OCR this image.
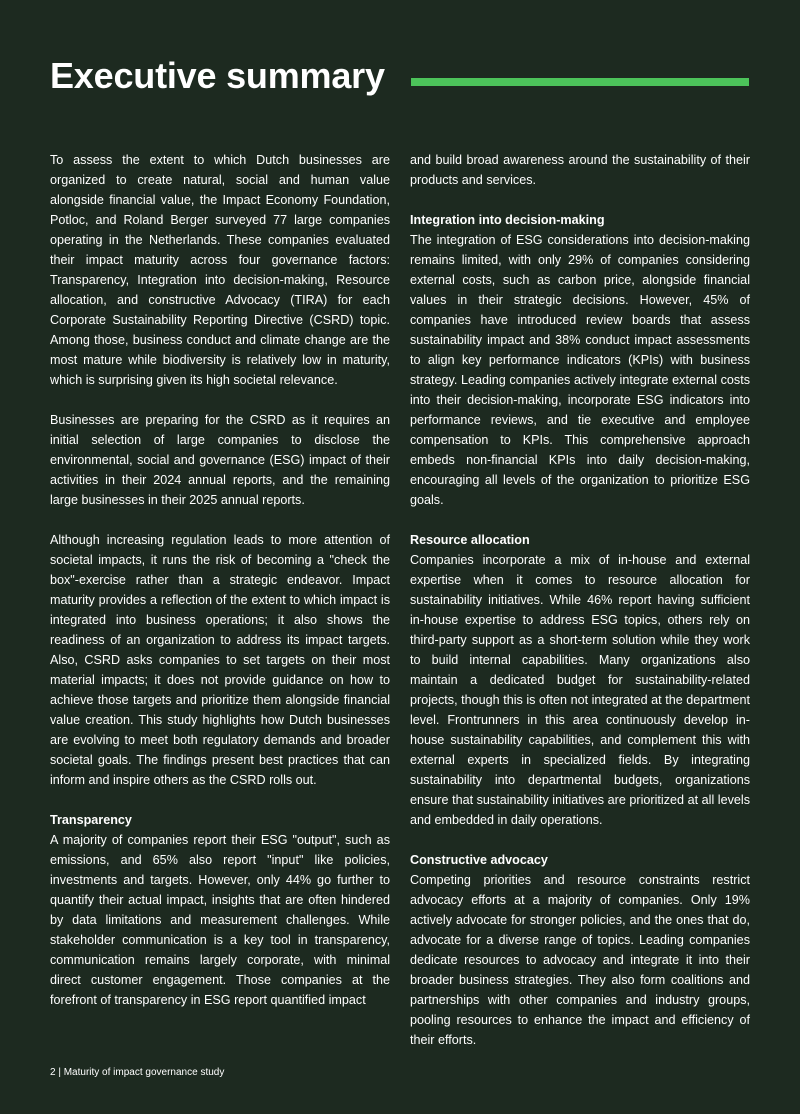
Executive summary

To assess the extent to which Dutch businesses are organized to create natural, social and human value alongside financial value, the Impact Economy Foundation, Potloc, and Roland Berger surveyed 77 large companies operating in the Netherlands. These companies evaluated their impact maturity across four governance factors: Transparency, Integration into decision-making, Resource allocation, and constructive Advocacy (TIRA) for each Corporate Sustainability Reporting Directive (CSRD) topic. Among those, business conduct and climate change are the most mature while biodiversity is relatively low in maturity, which is surprising given its high societal relevance.

Businesses are preparing for the CSRD as it requires an initial selection of large companies to disclose the environmental, social and governance (ESG) impact of their activities in their 2024 annual reports, and the remaining large businesses in their 2025 annual reports.

Although increasing regulation leads to more attention of societal impacts, it runs the risk of becoming a "check the box"-exercise rather than a strategic endeavor. Impact maturity provides a reflection of the extent to which impact is integrated into business operations; it also shows the readiness of an organization to address its impact targets. Also, CSRD asks companies to set targets on their most material impacts; it does not provide guidance on how to achieve those targets and prioritize them alongside financial value creation. This study highlights how Dutch businesses are evolving to meet both regulatory demands and broader societal goals. The findings present best practices that can inform and inspire others as the CSRD rolls out.

Transparency

A majority of companies report their ESG "output", such as emissions, and 65% also report "input" like policies, investments and targets. However, only 44% go further to quantify their actual impact, insights that are often hindered by data limitations and measurement challenges. While stakeholder communication is a key tool in transparency, communication remains largely corporate, with minimal direct customer engagement. Those companies at the forefront of transparency in ESG report quantified impact

and build broad awareness around the sustainability of their products and services.

Integration into decision-making

The integration of ESG considerations into decision-making remains limited, with only 29% of companies considering external costs, such as carbon price, alongside financial values in their strategic decisions. However, 45% of companies have introduced review boards that assess sustainability impact and 38% conduct impact assessments to align key performance indicators (KPIs) with business strategy. Leading companies actively integrate external costs into their decision-making, incorporate ESG indicators into performance reviews, and tie executive and employee compensation to KPIs. This comprehensive approach embeds non-financial KPIs into daily decision-making, encouraging all levels of the organization to prioritize ESG goals.

Resource allocation

Companies incorporate a mix of in-house and external expertise when it comes to resource allocation for sustainability initiatives. While 46% report having sufficient in-house expertise to address ESG topics, others rely on third-party support as a short-term solution while they work to build internal capabilities. Many organizations also maintain a dedicated budget for sustainability-related projects, though this is often not integrated at the department level. Frontrunners in this area continuously develop in-house sustainability capabilities, and complement this with external experts in specialized fields. By integrating sustainability into departmental budgets, organizations ensure that sustainability initiatives are prioritized at all levels and embedded in daily operations.

Constructive advocacy

Competing priorities and resource constraints restrict advocacy efforts at a majority of companies. Only 19% actively advocate for stronger policies, and the ones that do, advocate for a diverse range of topics. Leading companies dedicate resources to advocacy and integrate it into their broader business strategies. They also form coalitions and partnerships with other companies and industry groups, pooling resources to enhance the impact and efficiency of their efforts.

2 | Maturity of impact governance study
